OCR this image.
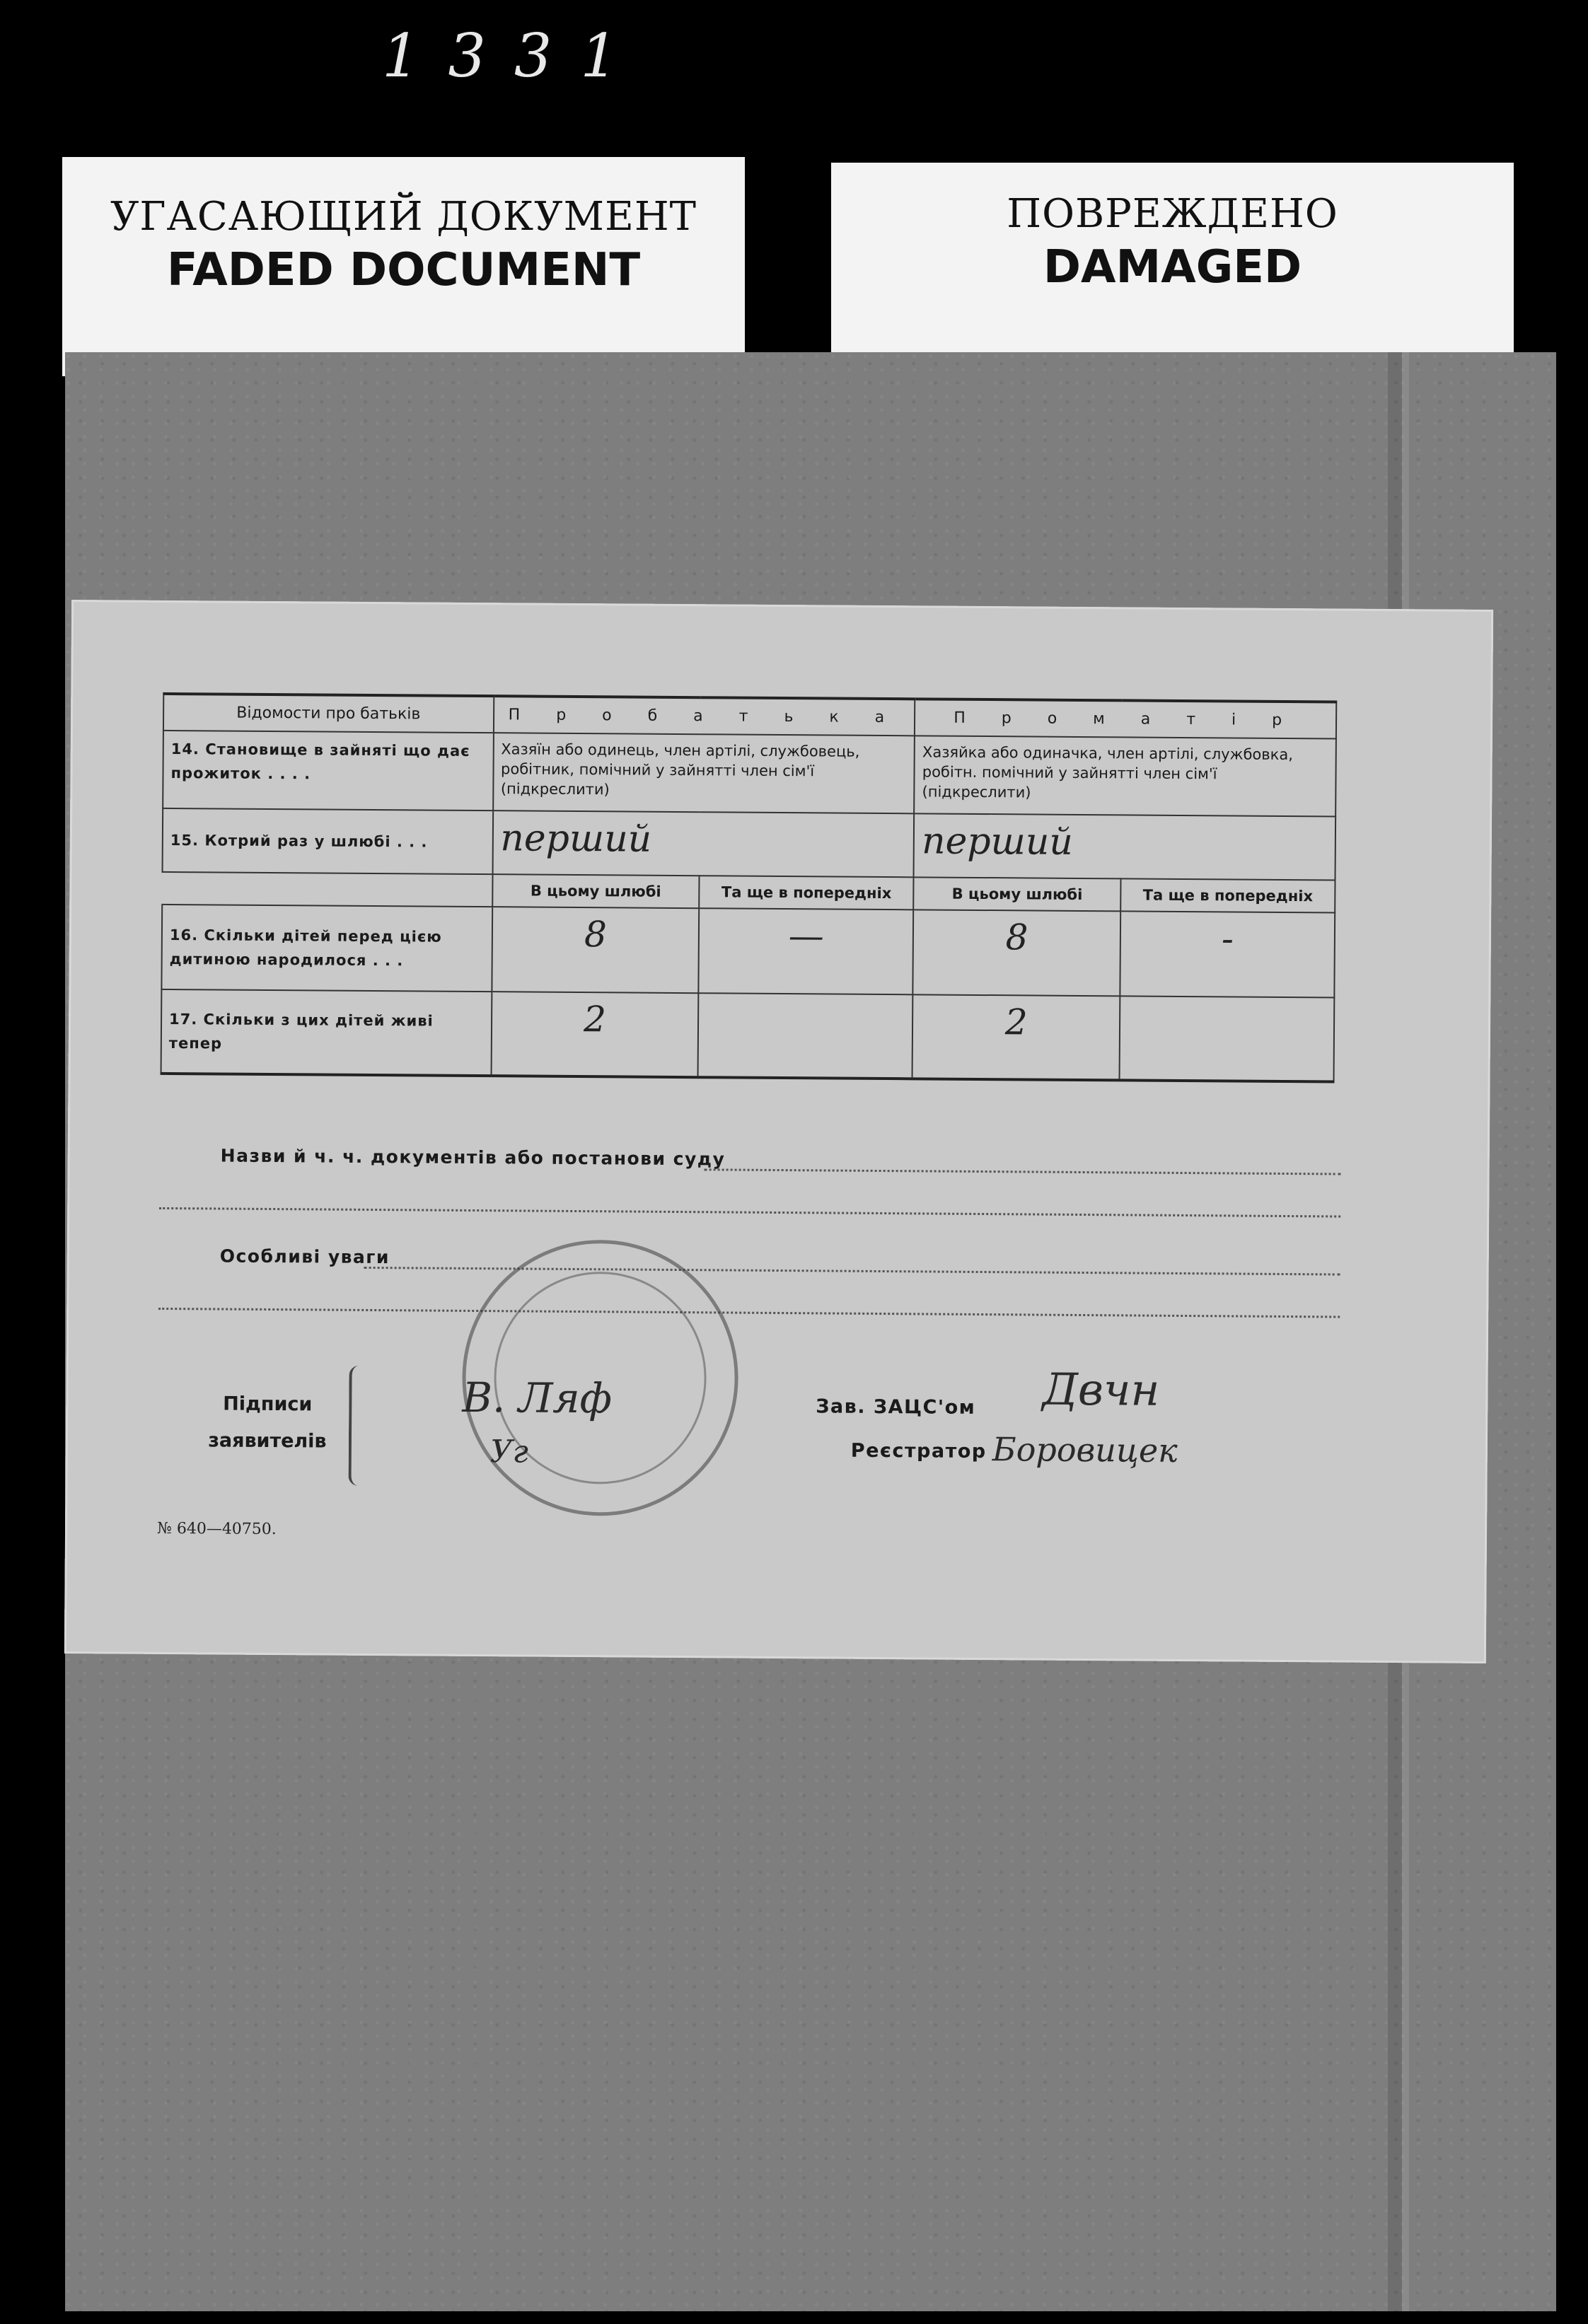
1331
УГАСАЮЩИЙ ДОКУМЕНТ
FADED DOCUMENT
ПОВРЕЖДЕНО
DAMAGED
Відомости про батьків	П р о б а т ь к а		П р о м а т і р	
14. Становище в зайняті що дає прожиток . . . .	Хазяїн або одинець, член артілі, службовець, робітник, помічний у зайнятті член сім'ї (підкреслити)		Хазяйка або одиначка, член артілі, службовка, робітн. помічний у зайнятті член сім'ї (підкреслити)	
15. Котрий раз у шлюбі . . .	перший		перший	
	В цьому шлюбі	Та ще в попередніх	В цьому шлюбі	Та ще в попередніх
16. Скільки дітей перед цією дитиною народилося . . .	8	—	8	-
17. Скільки з цих дітей живі тепер	2		2	
Назви й ч. ч. документів або постанови суду
Особливі уваги
Підписи заявителів
В. Ляф
Уг
Зав. ЗАЦС'ом Двчн
Реєстратор Боровицек
№ 640—40750.
